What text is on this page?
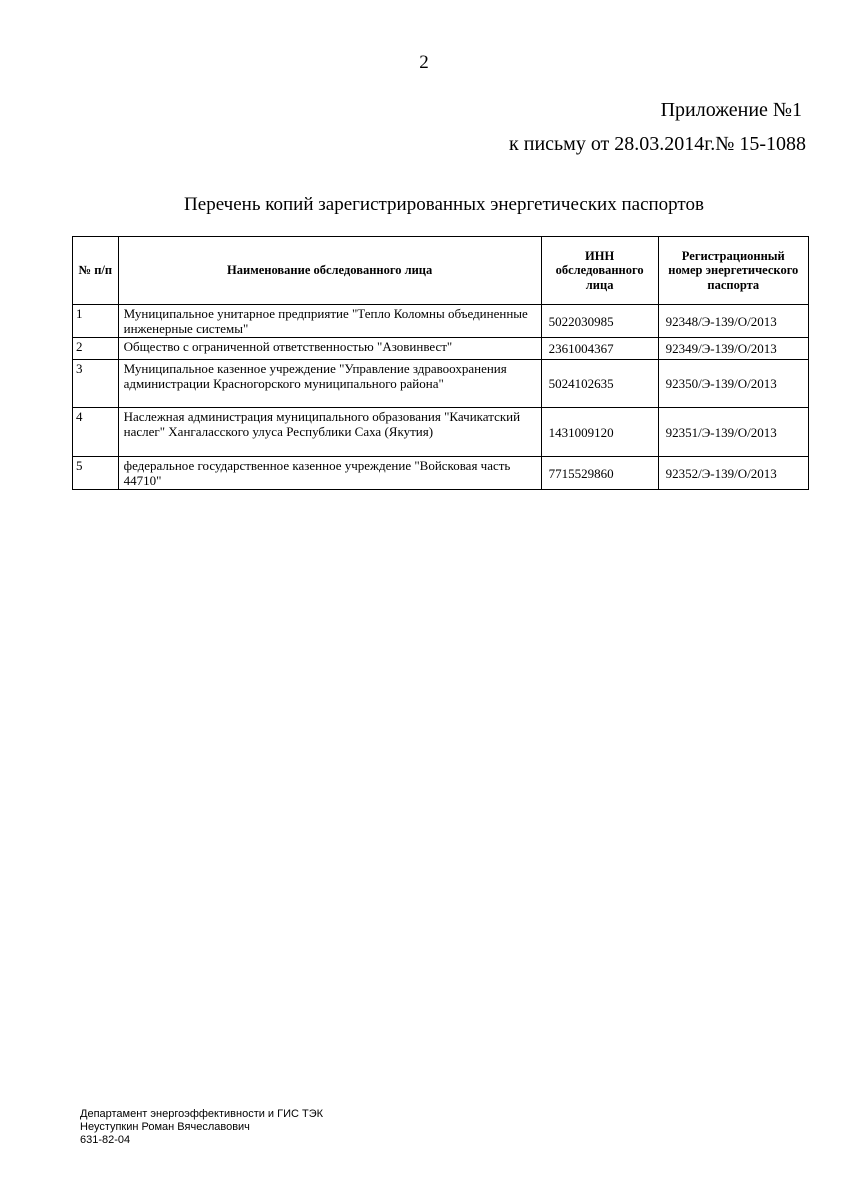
2
Приложение №1
к письму от 28.03.2014г.№ 15-1088
Перечень копий зарегистрированных энергетических паспортов
№ п/п	Наименование обследованного лица	ИНН обследованного лица	Регистрационный номер энергетического паспорта
1	Муниципальное унитарное предприятие "Тепло Коломны объединенные инженерные системы"	5022030985	92348/Э-139/О/2013
2	Общество с ограниченной ответственностью "Азовинвест"	2361004367	92349/Э-139/О/2013
3	Муниципальное казенное учреждение "Управление здравоохранения администрации Красногорского муниципального района"	5024102635	92350/Э-139/О/2013
4	Наслежная администрация муниципального образования "Качикатский наслег" Хангаласского улуса Республики Саха (Якутия)	1431009120	92351/Э-139/О/2013
5	федеральное государственное казенное учреждение "Войсковая часть 44710"	7715529860	92352/Э-139/О/2013
Департамент энергоэффективности и ГИС ТЭК
Неуступкин Роман Вячеславович
631-82-04
